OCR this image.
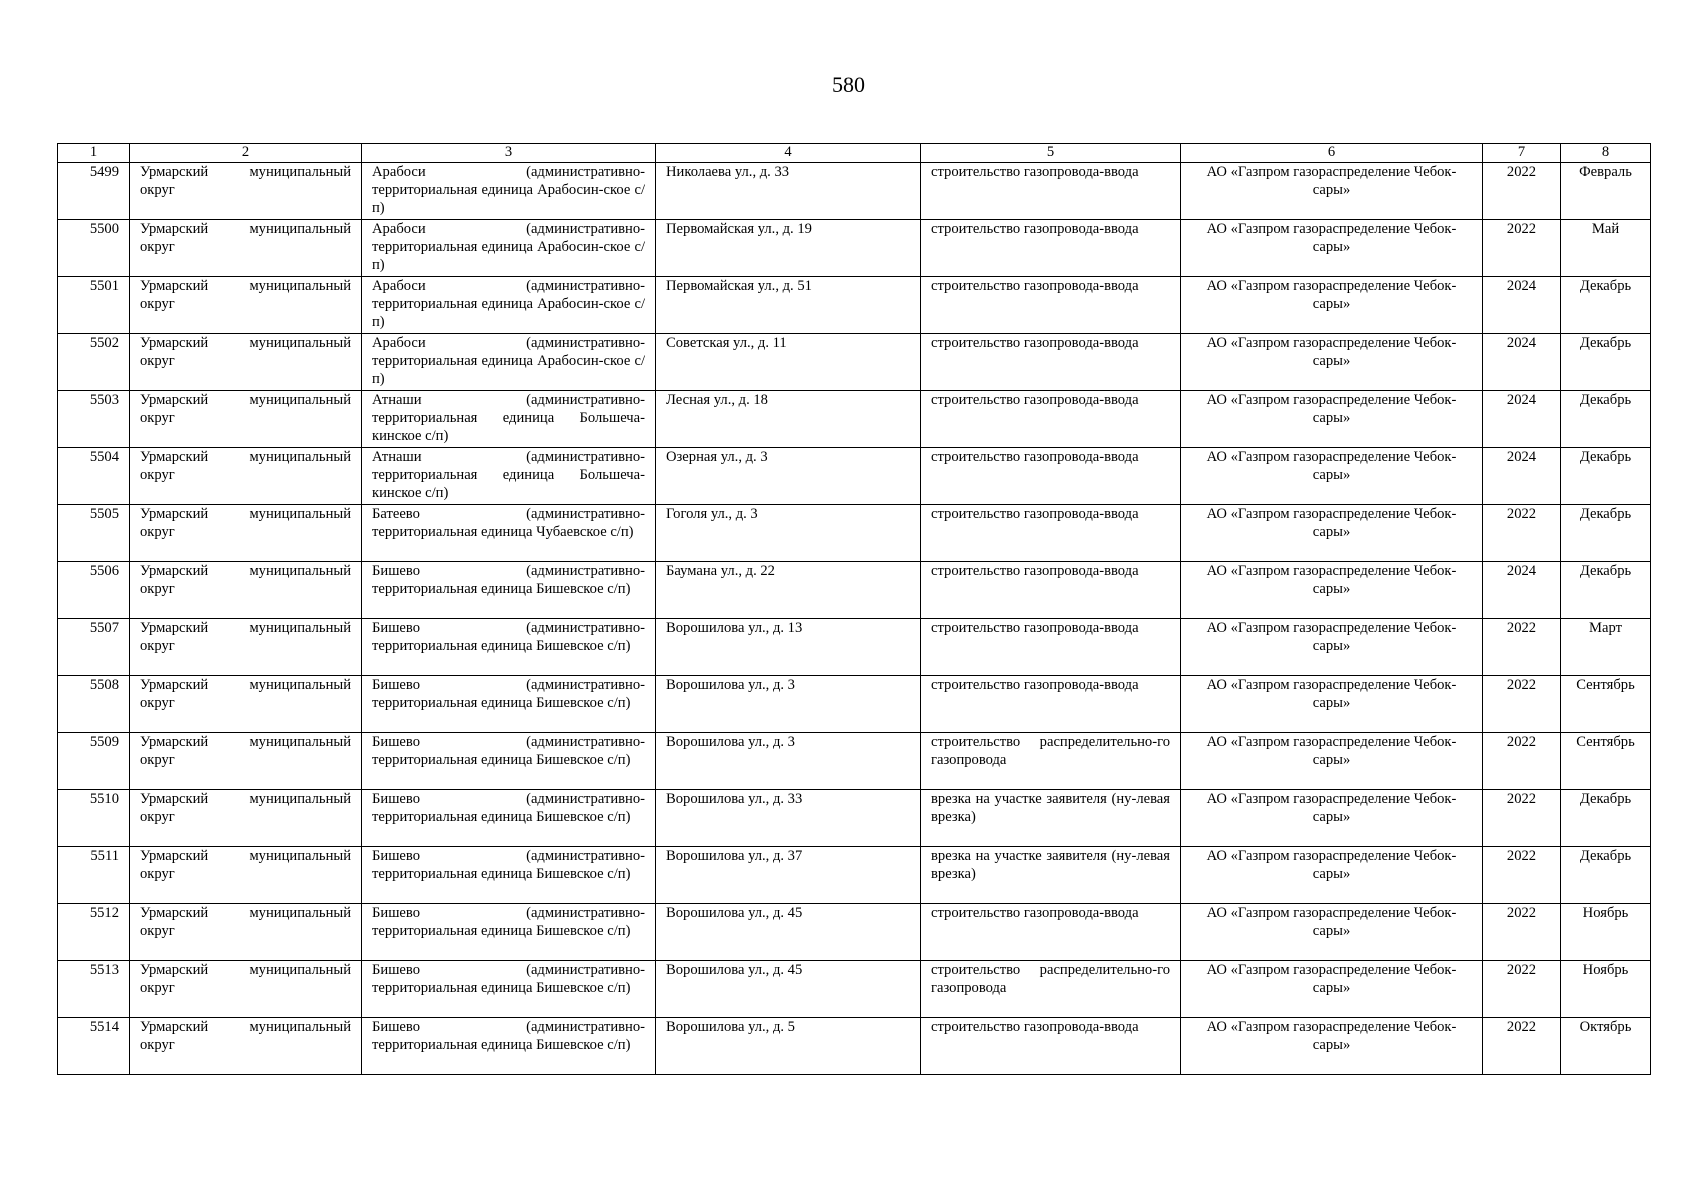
580
1	2	3	4	5	6	7	8
5499	Урмарский муниципальный округ	Арабоси (административно-территориальная единица Арабосин-ское с/п)	Николаева ул., д. 33	строительство газопровода-ввода	АО «Газпром газораспределение Чебок-сары»	2022	Февраль
5500	Урмарский муниципальный округ	Арабоси (административно-территориальная единица Арабосин-ское с/п)	Первомайская ул., д. 19	строительство газопровода-ввода	АО «Газпром газораспределение Чебок-сары»	2022	Май
5501	Урмарский муниципальный округ	Арабоси (административно-территориальная единица Арабосин-ское с/п)	Первомайская ул., д. 51	строительство газопровода-ввода	АО «Газпром газораспределение Чебок-сары»	2024	Декабрь
5502	Урмарский муниципальный округ	Арабоси (административно-территориальная единица Арабосин-ское с/п)	Советская ул., д. 11	строительство газопровода-ввода	АО «Газпром газораспределение Чебок-сары»	2024	Декабрь
5503	Урмарский муниципальный округ	Атнаши (административно-территориальная единица Большеча-кинское с/п)	Лесная ул., д. 18	строительство газопровода-ввода	АО «Газпром газораспределение Чебок-сары»	2024	Декабрь
5504	Урмарский муниципальный округ	Атнаши (административно-территориальная единица Большеча-кинское с/п)	Озерная ул., д. 3	строительство газопровода-ввода	АО «Газпром газораспределение Чебок-сары»	2024	Декабрь
5505	Урмарский муниципальный округ	Батеево (административно-территориальная единица Чубаевское с/п)	Гоголя ул., д. 3	строительство газопровода-ввода	АО «Газпром газораспределение Чебок-сары»	2022	Декабрь
5506	Урмарский муниципальный округ	Бишево (административно-территориальная единица Бишевское с/п)	Баумана ул., д. 22	строительство газопровода-ввода	АО «Газпром газораспределение Чебок-сары»	2024	Декабрь
5507	Урмарский муниципальный округ	Бишево (административно-территориальная единица Бишевское с/п)	Ворошилова ул., д. 13	строительство газопровода-ввода	АО «Газпром газораспределение Чебок-сары»	2022	Март
5508	Урмарский муниципальный округ	Бишево (административно-территориальная единица Бишевское с/п)	Ворошилова ул., д. 3	строительство газопровода-ввода	АО «Газпром газораспределение Чебок-сары»	2022	Сентябрь
5509	Урмарский муниципальный округ	Бишево (административно-территориальная единица Бишевское с/п)	Ворошилова ул., д. 3	строительство распределительно-го газопровода	АО «Газпром газораспределение Чебок-сары»	2022	Сентябрь
5510	Урмарский муниципальный округ	Бишево (административно-территориальная единица Бишевское с/п)	Ворошилова ул., д. 33	врезка на участке заявителя (ну-левая врезка)	АО «Газпром газораспределение Чебок-сары»	2022	Декабрь
5511	Урмарский муниципальный округ	Бишево (административно-территориальная единица Бишевское с/п)	Ворошилова ул., д. 37	врезка на участке заявителя (ну-левая врезка)	АО «Газпром газораспределение Чебок-сары»	2022	Декабрь
5512	Урмарский муниципальный округ	Бишево (административно-территориальная единица Бишевское с/п)	Ворошилова ул., д. 45	строительство газопровода-ввода	АО «Газпром газораспределение Чебок-сары»	2022	Ноябрь
5513	Урмарский муниципальный округ	Бишево (административно-территориальная единица Бишевское с/п)	Ворошилова ул., д. 45	строительство распределительно-го газопровода	АО «Газпром газораспределение Чебок-сары»	2022	Ноябрь
5514	Урмарский муниципальный округ	Бишево (административно-территориальная единица Бишевское с/п)	Ворошилова ул., д. 5	строительство газопровода-ввода	АО «Газпром газораспределение Чебок-сары»	2022	Октябрь
